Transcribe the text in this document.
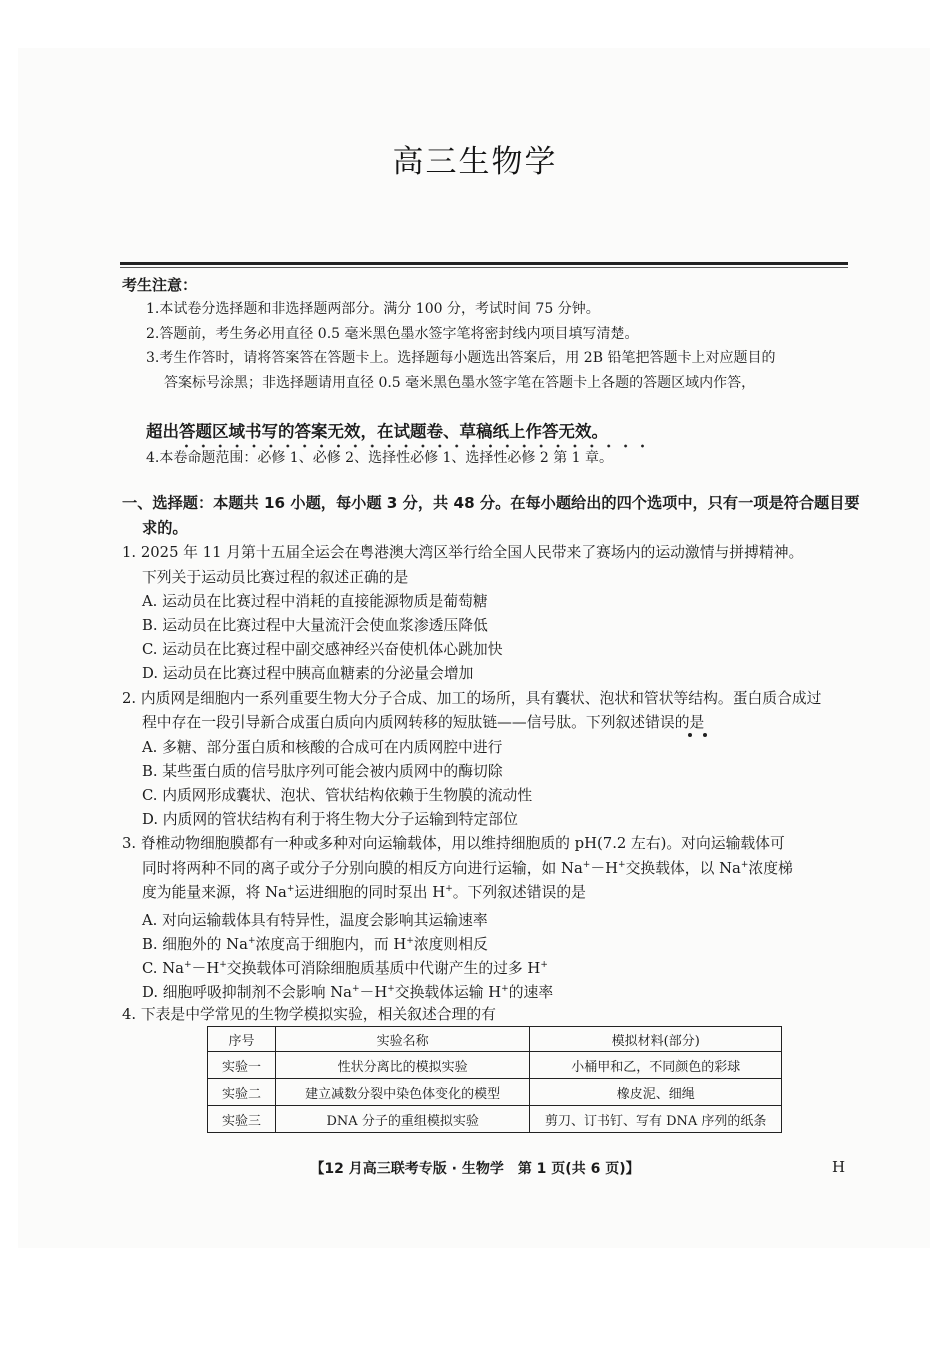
高三生物学
考生注意：
1.本试卷分选择题和非选择题两部分。满分 100 分，考试时间 75 分钟。
2.答题前，考生务必用直径 0.5 毫米黑色墨水签字笔将密封线内项目填写清楚。
3.考生作答时，请将答案答在答题卡上。选择题每小题选出答案后，用 2B 铅笔把答题卡上对应题目的
答案标号涂黑；非选择题请用直径 0.5 毫米黑色墨水签字笔在答题卡上各题的答题区域内作答，
超出答题区域书写的答案无效，在试题卷、草稿纸上作答无效。
4.本卷命题范围：必修 1、必修 2、选择性必修 1、选择性必修 2 第 1 章。
一、选择题：本题共 16 小题，每小题 3 分，共 48 分。在每小题给出的四个选项中，只有一项是符合题目要
求的。
1. 2025 年 11 月第十五届全运会在粤港澳大湾区举行给全国人民带来了赛场内的运动激情与拼搏精神。
下列关于运动员比赛过程的叙述正确的是
A. 运动员在比赛过程中消耗的直接能源物质是葡萄糖
B. 运动员在比赛过程中大量流汗会使血浆渗透压降低
C. 运动员在比赛过程中副交感神经兴奋使机体心跳加快
D. 运动员在比赛过程中胰高血糖素的分泌量会增加
2. 内质网是细胞内一系列重要生物大分子合成、加工的场所，具有囊状、泡状和管状等结构。蛋白质合成过
程中存在一段引导新合成蛋白质向内质网转移的短肽链——信号肽。下列叙述错误的是
A. 多糖、部分蛋白质和核酸的合成可在内质网腔中进行
B. 某些蛋白质的信号肽序列可能会被内质网中的酶切除
C. 内质网形成囊状、泡状、管状结构依赖于生物膜的流动性
D. 内质网的管状结构有利于将生物大分子运输到特定部位
3. 脊椎动物细胞膜都有一种或多种对向运输载体，用以维持细胞质的 pH(7.2 左右)。对向运输载体可
同时将两种不同的离子或分子分别向膜的相反方向进行运输，如 Na+－H+交换载体，以 Na+浓度梯
度为能量来源，将 Na+运进细胞的同时泵出 H+。下列叙述错误的是
A. 对向运输载体具有特异性，温度会影响其运输速率
B. 细胞外的 Na+浓度高于细胞内，而 H+浓度则相反
C. Na+－H+交换载体可消除细胞质基质中代谢产生的过多 H+
D. 细胞呼吸抑制剂不会影响 Na+－H+交换载体运输 H+的速率
4. 下表是中学常见的生物学模拟实验，相关叙述合理的有
序号	实验名称	模拟材料(部分)
实验一	性状分离比的模拟实验	小桶甲和乙，不同颜色的彩球
实验二	建立减数分裂中染色体变化的模型	橡皮泥、细绳
实验三	DNA 分子的重组模拟实验	剪刀、订书钉、写有 DNA 序列的纸条
【12 月高三联考专版 · 生物学　第 1 页(共 6 页)】	H
